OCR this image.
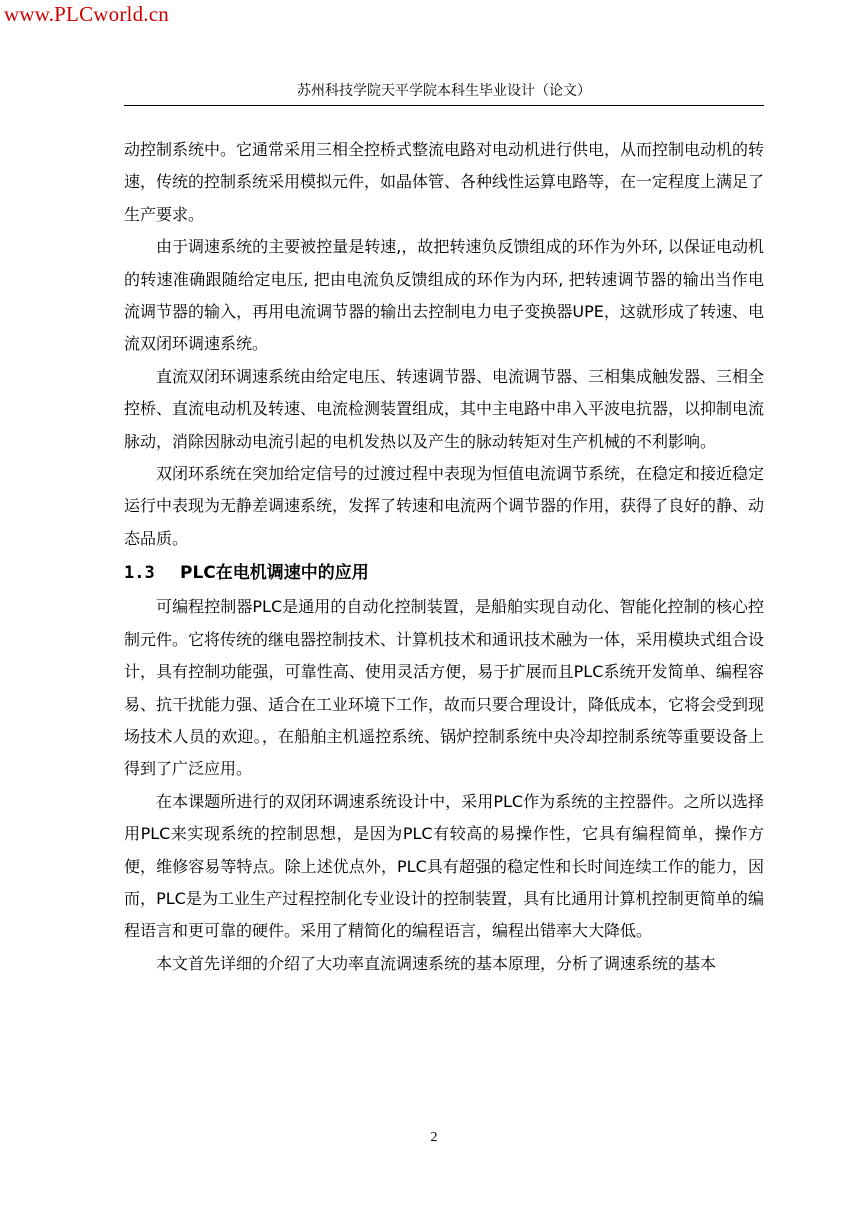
www.PLCworld.cn
苏州科技学院天平学院本科生毕业设计（论文）

动控制系统中。它通常采用三相全控桥式整流电路对电动机进行供电，从而控制电动机的转速，传统的控制系统采用模拟元件，如晶体管、各种线性运算电路等，在一定程度上满足了生产要求。

由于调速系统的主要被控量是转速,，故把转速负反馈组成的环作为外环, 以保证电动机的转速准确跟随给定电压, 把由电流负反馈组成的环作为内环, 把转速调节器的输出当作电流调节器的输入，再用电流调节器的输出去控制电力电子变换器UPE，这就形成了转速、电流双闭环调速系统。

直流双闭环调速系统由给定电压、转速调节器、电流调节器、三相集成触发器、三相全控桥、直流电动机及转速、电流检测装置组成，其中主电路中串入平波电抗器，以抑制电流脉动，消除因脉动电流引起的电机发热以及产生的脉动转矩对生产机械的不利影响。

双闭环系统在突加给定信号的过渡过程中表现为恒值电流调节系统，在稳定和接近稳定运行中表现为无静差调速系统，发挥了转速和电流两个调节器的作用，获得了良好的静、动态品质。

1.3 PLC在电机调速中的应用

可编程控制器PLC是通用的自动化控制装置，是船舶实现自动化、智能化控制的核心控制元件。它将传统的继电器控制技术、计算机技术和通讯技术融为一体，采用模块式组合设计，具有控制功能强，可靠性高、使用灵活方便，易于扩展而且PLC系统开发简单、编程容易、抗干扰能力强、适合在工业环境下工作，故而只要合理设计，降低成本，它将会受到现场技术人员的欢迎。，在船舶主机遥控系统、锅炉控制系统中央冷却控制系统等重要设备上得到了广泛应用。

在本课题所进行的双闭环调速系统设计中，采用PLC作为系统的主控器件。之所以选择用PLC来实现系统的控制思想，是因为PLC有较高的易操作性，它具有编程简单，操作方便，维修容易等特点。除上述优点外，PLC具有超强的稳定性和长时间连续工作的能力，因而，PLC是为工业生产过程控制化专业设计的控制装置，具有比通用计算机控制更简单的编程语言和更可靠的硬件。采用了精简化的编程语言，编程出错率大大降低。

本文首先详细的介绍了大功率直流调速系统的基本原理，分析了调速系统的基本

2
